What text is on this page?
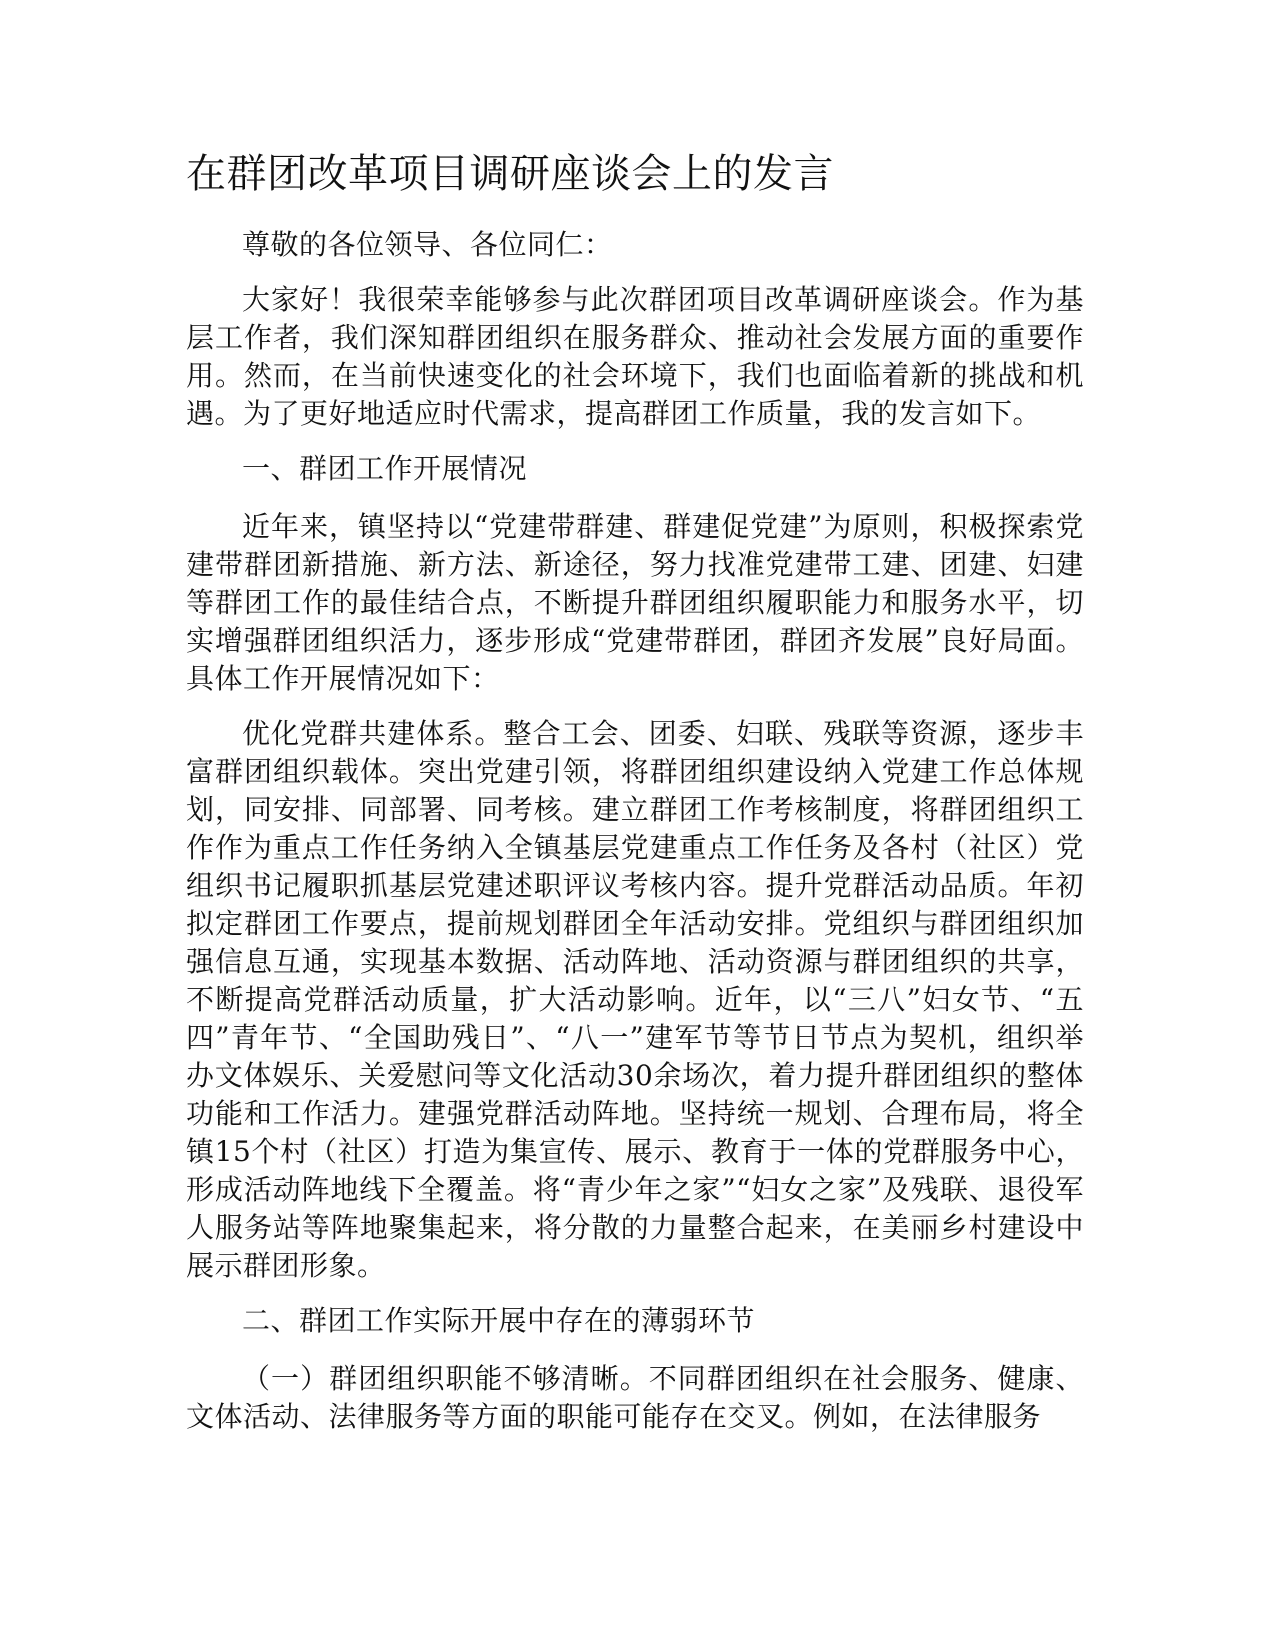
在群团改革项目调研座谈会上的发言

尊敬的各位领导、各位同仁：

大家好！我很荣幸能够参与此次群团项目改革调研座谈会。作为基层工作者，我们深知群团组织在服务群众、推动社会发展方面的重要作用。然而，在当前快速变化的社会环境下，我们也面临着新的挑战和机遇。为了更好地适应时代需求，提高群团工作质量，我的发言如下。

一、群团工作开展情况

近年来，镇坚持以“党建带群建、群建促党建”为原则，积极探索党建带群团新措施、新方法、新途径，努力找准党建带工建、团建、妇建等群团工作的最佳结合点，不断提升群团组织履职能力和服务水平，切实增强群团组织活力，逐步形成“党建带群团，群团齐发展”良好局面。具体工作开展情况如下：

优化党群共建体系。整合工会、团委、妇联、残联等资源，逐步丰富群团组织载体。突出党建引领，将群团组织建设纳入党建工作总体规划，同安排、同部署、同考核。建立群团工作考核制度，将群团组织工作作为重点工作任务纳入全镇基层党建重点工作任务及各村（社区）党组织书记履职抓基层党建述职评议考核内容。提升党群活动品质。年初拟定群团工作要点，提前规划群团全年活动安排。党组织与群团组织加强信息互通，实现基本数据、活动阵地、活动资源与群团组织的共享，不断提高党群活动质量，扩大活动影响。近年，以“三八”妇女节、“五四”青年节、“全国助残日”、“八一”建军节等节日节点为契机，组织举办文体娱乐、关爱慰问等文化活动30余场次，着力提升群团组织的整体功能和工作活力。建强党群活动阵地。坚持统一规划、合理布局，将全镇15个村（社区）打造为集宣传、展示、教育于一体的党群服务中心，形成活动阵地线下全覆盖。将“青少年之家”“妇女之家”及残联、退役军人服务站等阵地聚集起来，将分散的力量整合起来，在美丽乡村建设中展示群团形象。

二、群团工作实际开展中存在的薄弱环节

（一）群团组织职能不够清晰。不同群团组织在社会服务、健康、文体活动、法律服务等方面的职能可能存在交叉。例如，在法律服务
